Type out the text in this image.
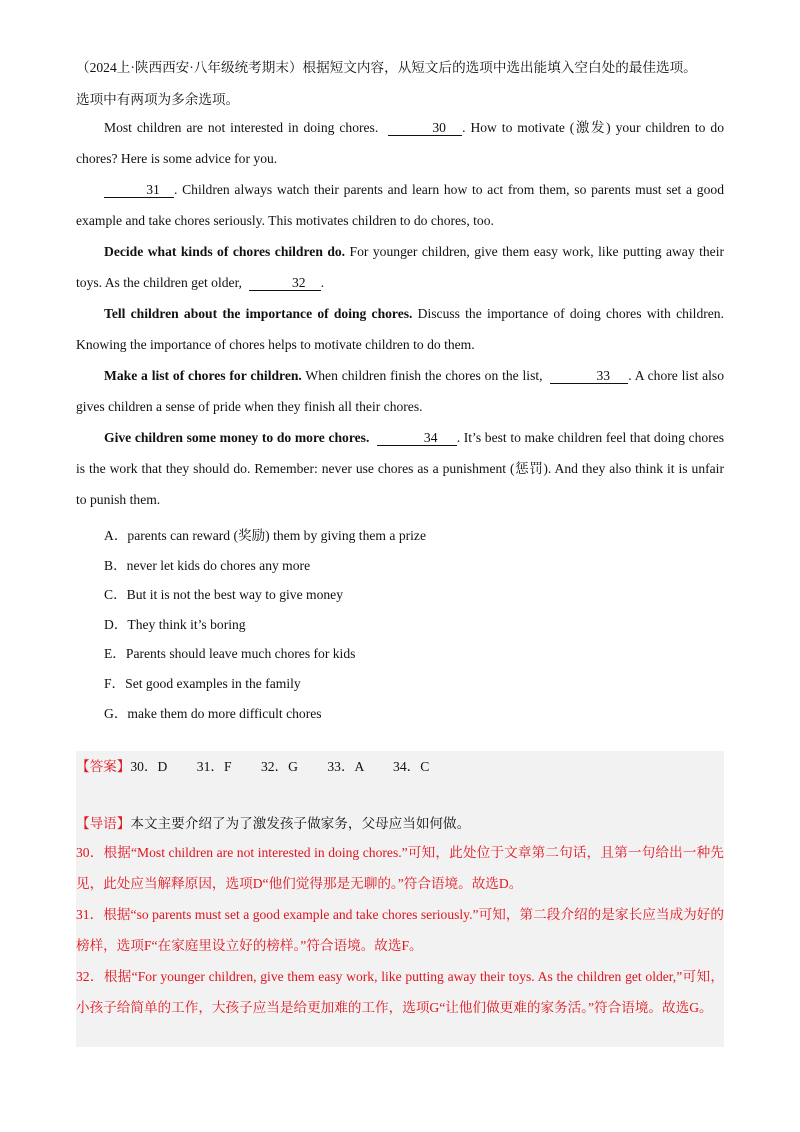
（2024上·陕西西安·八年级统考期末）根据短文内容，从短文后的选项中选出能填入空白处的最佳选项。

选项中有两项为多余选项。

Most children are not interested in doing chores.	30 . How to motivate (激发) your children to do chores? Here is some advice for you.

31 . Children always watch their parents and learn how to act from them, so parents must set a good example and take chores seriously. This motivates children to do chores, too.

Decide what kinds of chores children do. For younger children, give them easy work, like putting away their toys. As the children get older,	32 .

Tell children about the importance of doing chores. Discuss the importance of doing chores with children. Knowing the importance of chores helps to motivate children to do them.

Make a list of chores for children. When children finish the chores on the list,	33 . A chore list also gives children a sense of pride when they finish all their chores.

Give children some money to do more chores.	34 . It’s best to make children feel that doing chores is the work that they should do. Remember: never use chores as a punishment (惩罚). And they also think it is unfair to punish them.

A．parents can reward (奖励) them by giving them a prize

B．never let kids do chores any more

C．But it is not the best way to give money

D．They think it’s boring

E．Parents should leave much chores for kids

F．Set good examples in the family

G．make them do more difficult chores

【答案】30．D 31．F 32．G 33．A 34．C

【导语】本文主要介绍了为了激发孩子做家务，父母应当如何做。

30．根据“Most children are not interested in doing chores.”可知，此处位于文章第二句话，且第一句给出一种先见，此处应当解释原因，选项D“他们觉得那是无聊的。”符合语境。故选D。

31．根据“so parents must set a good example and take chores seriously.”可知，第二段介绍的是家长应当成为好的榜样，选项F“在家庭里设立好的榜样。”符合语境。故选F。

32．根据“For younger children, give them easy work, like putting away their toys. As the children get older,”可知，小孩子给简单的工作，大孩子应当是给更加难的工作，选项G“让他们做更难的家务活。”符合语境。故选G。
